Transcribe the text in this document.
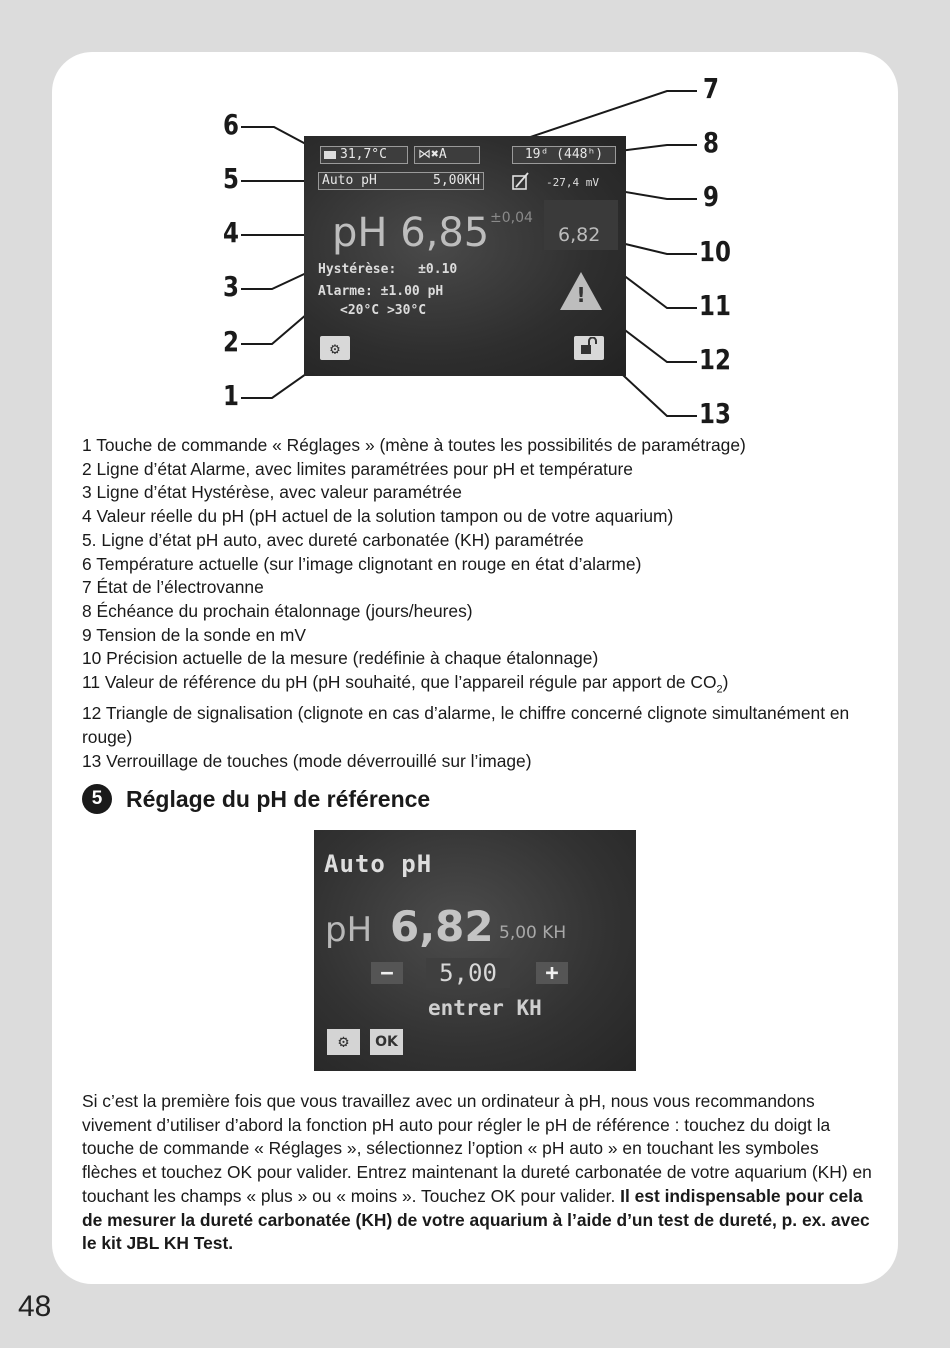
6
5
4
3
2
1
7
8
9
10
11
12
13
31,7°C	⋈✖A	19ᵈ (448ʰ)
Auto pH	5,00KH	-27,4 mV
pH 6,85 ±0,04
6,82
Hystérèse: ±0.10
Alarme: ±1.00 pH
<20°C >30°C
!
⚙

1 Touche de commande « Réglages » (mène à toutes les possibilités de paramétrage)

2 Ligne d’état Alarme, avec limites paramétrées pour pH et température

3 Ligne d’état Hystérèse, avec valeur paramétrée

4 Valeur réelle du pH (pH actuel de la solution tampon ou de votre aquarium)

5. Ligne d’état pH auto, avec dureté carbonatée (KH) paramétrée

6 Température actuelle (sur l’image clignotant en rouge en état d’alarme)

7 État de l’électrovanne

8 Échéance du prochain étalonnage (jours/heures)

9 Tension de la sonde en mV

10 Précision actuelle de la mesure (redéfinie à chaque étalonnage)

11 Valeur de référence du pH (pH souhaité, que l’appareil régule par apport de $CO_2$)

12 Triangle de signalisation (clignote en cas d’alarme, le chiffre concerné clignote simultanément en rouge)

13 Verrouillage de touches (mode déverrouillé sur l’image)

5	Réglage du pH de référence
Auto pH
pH 6,82 5,00 KH
−	5,00	+
entrer KH
⚙	OK
Si c’est la première fois que vous travaillez avec un ordinateur à pH, nous vous recommandons vivement d’utiliser d’abord la fonction pH auto pour régler le pH de référence : touchez du doigt la touche de commande « Réglages », sélectionnez l’option « pH auto » en touchant les symboles flèches et touchez OK pour valider. Entrez maintenant la dureté carbonatée de votre aquarium (KH) en touchant les champs « plus » ou « moins ». Touchez OK pour valider. Il est indispensable pour cela de mesurer la dureté carbonatée (KH) de votre aquarium à l’aide d’un test de dureté, p. ex. avec le kit JBL KH Test.
48
